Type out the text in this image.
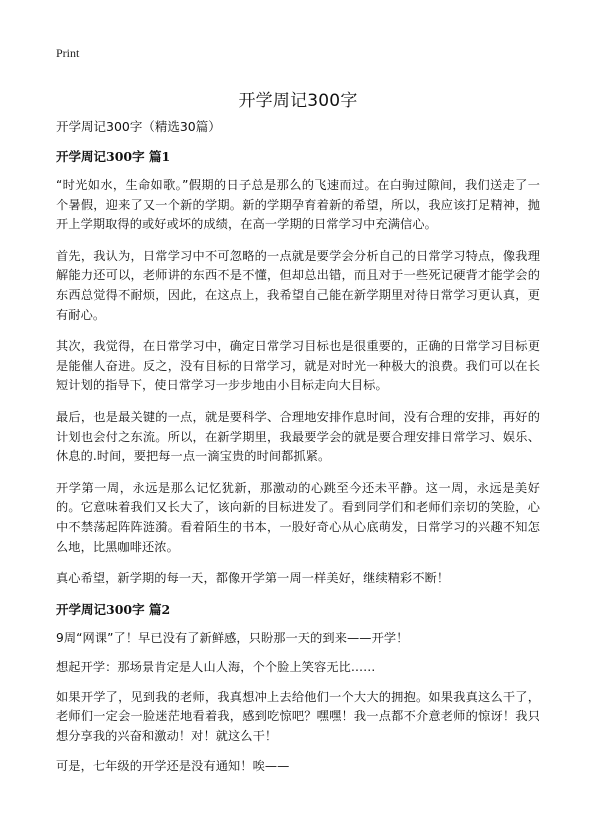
Print
开学周记300字
开学周记300字（精选30篇）
开学周记300字 篇1

“时光如水，生命如歌。”假期的日子总是那么的飞速而过。在白驹过隙间，我们送走了一个暑假，迎来了又一个新的学期。新的学期孕育着新的希望，所以，我应该打足精神，抛开上学期取得的或好或坏的成绩，在高一学期的日常学习中充满信心。

首先，我认为，日常学习中不可忽略的一点就是要学会分析自己的日常学习特点，像我理解能力还可以，老师讲的东西不是不懂，但却总出错，而且对于一些死记硬背才能学会的东西总觉得不耐烦，因此，在这点上，我希望自己能在新学期里对待日常学习更认真，更有耐心。

其次，我觉得，在日常学习中，确定日常学习目标也是很重要的，正确的日常学习目标更是能催人奋进。反之，没有目标的日常学习，就是对时光一种极大的浪费。我们可以在长短计划的指导下，使日常学习一步步地由小目标走向大目标。

最后，也是最关键的一点，就是要科学、合理地安排作息时间，没有合理的安排，再好的计划也会付之东流。所以，在新学期里，我最要学会的就是要合理安排日常学习、娱乐、休息的.时间，要把每一点一滴宝贵的时间都抓紧。

开学第一周，永远是那么记忆犹新，那激动的心跳至今还未平静。这一周，永远是美好的。它意味着我们又长大了，该向新的目标进发了。看到同学们和老师们亲切的笑脸，心中不禁荡起阵阵涟漪。看着陌生的书本，一股好奇心从心底萌发，日常学习的兴趣不知怎么地，比黑咖啡还浓。

真心希望，新学期的每一天，都像开学第一周一样美好，继续精彩不断！

开学周记300字 篇2

9周“网课”了！早已没有了新鲜感，只盼那一天的到来——开学！

想起开学：那场景肯定是人山人海，个个脸上笑容无比……

如果开学了，见到我的老师，我真想冲上去给他们一个大大的拥抱。如果我真这么干了，老师们一定会一脸迷茫地看着我，感到吃惊吧？嘿嘿！我一点都不介意老师的惊讶！我只想分享我的兴奋和激动！对！就这么干！

可是，七年级的开学还是没有通知！唉——
